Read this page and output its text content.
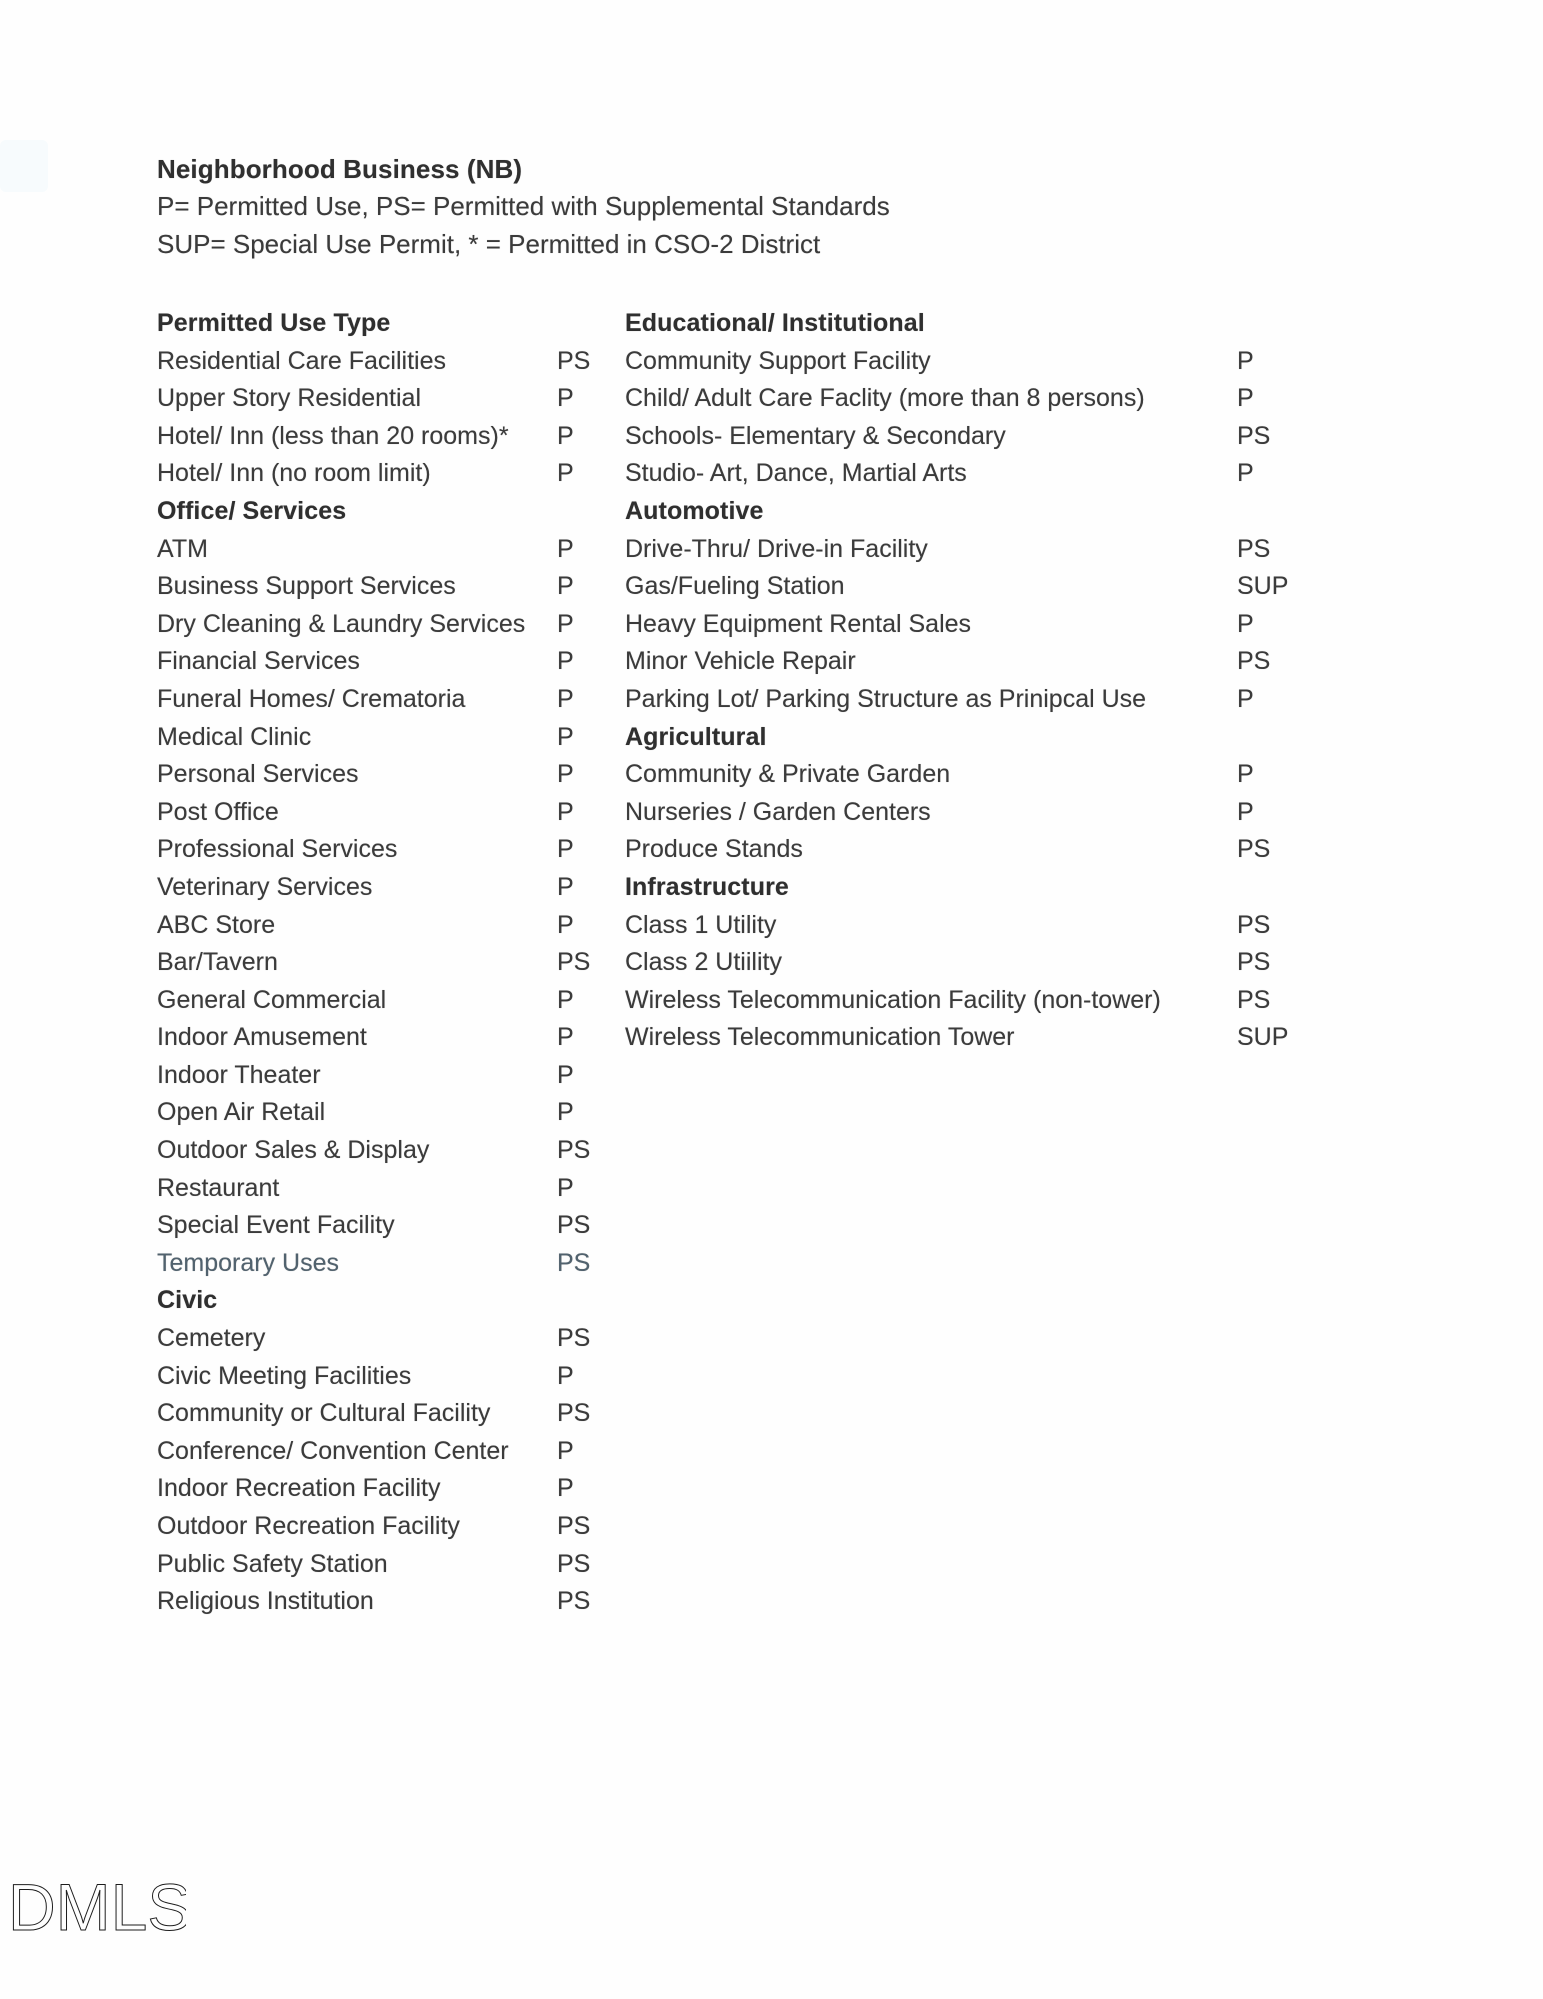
Neighborhood Business (NB)
P= Permitted Use, PS= Permitted with Supplemental Standards
SUP= Special Use Permit, * = Permitted in CSO-2 District
Permitted Use Type
Residential Care Facilities	PS
Upper Story Residential	P
Hotel/ Inn (less than 20 rooms)*	P
Hotel/ Inn (no room limit)	P
Office/ Services
ATM	P
Business Support Services	P
Dry Cleaning & Laundry Services	P
Financial Services	P
Funeral Homes/ Crematoria	P
Medical Clinic	P
Personal Services	P
Post Office	P
Professional Services	P
Veterinary Services	P
ABC Store	P
Bar/Tavern	PS
General Commercial	P
Indoor Amusement	P
Indoor Theater	P
Open Air Retail	P
Outdoor Sales & Display	PS
Restaurant	P
Special Event Facility	PS
Temporary Uses	PS
Civic
Cemetery	PS
Civic Meeting Facilities	P
Community or Cultural Facility	PS
Conference/ Convention Center	P
Indoor Recreation Facility	P
Outdoor Recreation Facility	PS
Public Safety Station	PS
Religious Institution	PS
Educational/ Institutional
Community Support Facility	P
Child/ Adult Care Faclity (more than 8 persons)	P
Schools- Elementary & Secondary	PS
Studio- Art, Dance, Martial Arts	P
Automotive
Drive-Thru/ Drive-in Facility	PS
Gas/Fueling Station	SUP
Heavy Equipment Rental Sales	P
Minor Vehicle Repair	PS
Parking Lot/ Parking Structure as Prinipcal Use	P
Agricultural
Community & Private Garden	P
Nurseries / Garden Centers	P
Produce Stands	PS
Infrastructure
Class 1 Utility	PS
Class 2 Utiility	PS
Wireless Telecommunication Facility (non-tower)	PS
Wireless Telecommunication Tower	SUP
DMLS
